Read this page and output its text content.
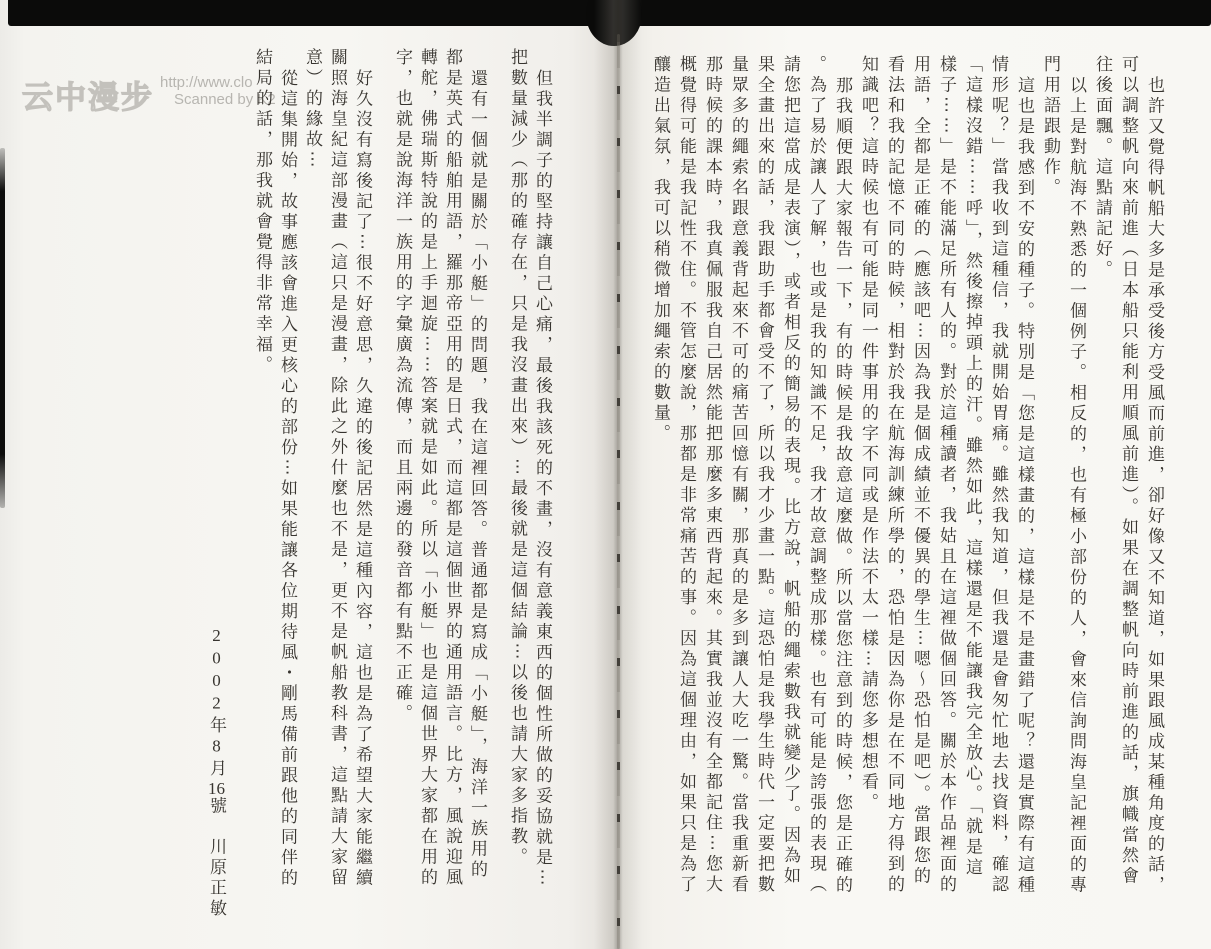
云中漫步 http://www.clo
Scanned by K2	也許又覺得帆船大多是承受後方受風而前進，卻好像又不知道，如果跟風成某種角度的話，
可以調整帆向來前進（日本船只能利用順風前進）。如果在調整帆向時前進的話，旗幟當然會
往後面飄。這點請記好。
以上是對航海不熟悉的一個例子。相反的，也有極小部份的人，會來信詢問海皇記裡面的專
門用語跟動作。
這也是我感到不安的種子。特別是「您是這樣畫的，這樣是不是畫錯了呢？還是實際有這種
情形呢？」當我收到這種信，我就開始胃痛。雖然我知道，但我還是會匆忙地去找資料，確認
「這樣沒錯⋯⋯呼」，然後擦掉頭上的汗。雖然如此，這樣還是不能讓我完全放心。「就是這
樣子⋯⋯」是不能滿足所有人的。對於這種讀者，我姑且在這裡做個回答。關於本作品裡面的
用語，全都是正確的（應該吧⋯因為我是個成績並不優異的學生⋯嗯～恐怕是吧）。當跟您的
看法和我的記憶不同的時候，相對於我在航海訓練所學的，恐怕是因為你是在不同地方得到的
知識吧？這時候也有可能是同一件事用的字不同或是作法不太一樣⋯請您多想想看。
那我順便跟大家報告一下，有的時候是我故意這麼做。所以當您注意到的時候，您是正確的
。為了易於讓人了解，也或是我的知識不足，我才故意調整成那樣。也有可能是誇張的表現（
請您把這當成是表演），或者相反的簡易的表現。比方說，帆船的繩索數我就變少了。因為如
果全畫出來的話，我跟助手都會受不了，所以我才少畫一點。這恐怕是我學生時代一定要把數
量眾多的繩索名跟意義背起來不可的痛苦回憶有關，那真的是多到讓人大吃一驚。當我重新看
那時候的課本時，我真佩服我自己居然能把那麼多東西背起來。其實我並沒有全都記住⋯您大
概覺得可能是我記性不住。不管怎麼說，那都是非常痛苦的事。因為這個理由，如果只是為了
釀造出氣氛，我可以稍微增加繩索的數量。
但我半調子的堅持讓自己心痛，最後我該死的不畫，沒有意義東西的個性所做的妥協就是⋯
把數量減少（那的確存在，只是我沒畫出來）⋯最後就是這個結論⋯以後也請大家多指教。
還有一個就是關於「小艇」的問題，我在這裡回答。普通都是寫成「小艇」，海洋一族用的
都是英式的船舶用語，羅那帝亞用的是日式，而這都是這個世界的通用語言。比方，風說迎風
轉舵，佛瑞斯特說的是上手迴旋⋯⋯答案就是如此。所以「小艇」也是這個世界大家都在用的
字，也就是說海洋一族用的字彙廣為流傳，而且兩邊的發音都有點不正確。
好久沒有寫後記了⋯很不好意思，久違的後記居然是這種內容，這也是為了希望大家能繼續
關照海皇紀這部漫畫（這只是漫畫，除此之外什麼也不是，更不是帆船教科書，這點請大家留
意）的緣故⋯
從這集開始，故事應該會進入更核心的部份⋯如果能讓各位期待風・剛馬備前跟他的同伴的
結局的話，那我就會覺得非常幸福。
2002年8月16號　川原正敏
